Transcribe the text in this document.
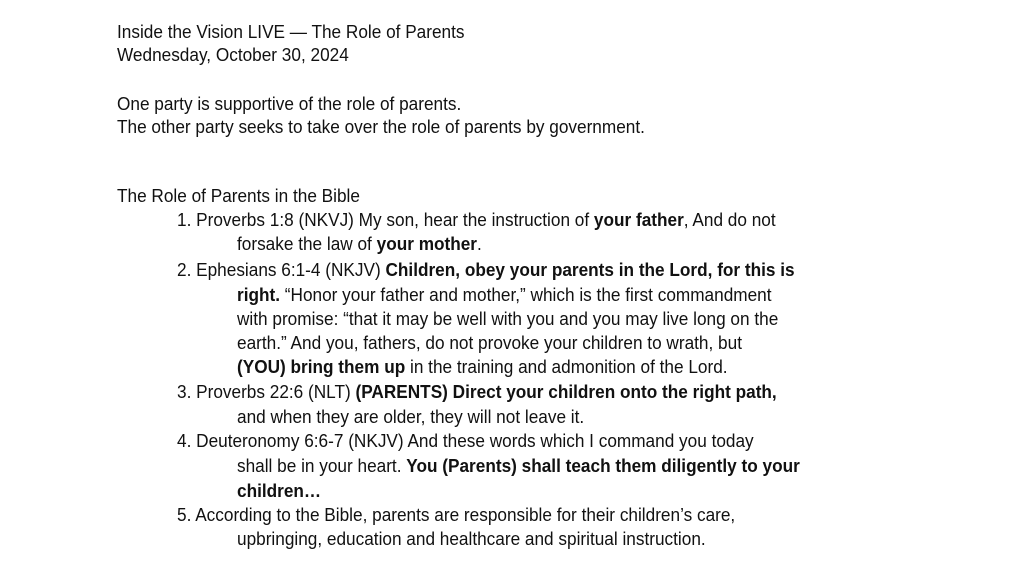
Inside the Vision LIVE — The Role of Parents
Wednesday, October 30, 2024
One party is supportive of the role of parents.
The other party seeks to take over the role of parents by government.
The Role of Parents in the Bible
1. Proverbs 1:8 (NKVJ) My son, hear the instruction of your father, And do not
forsake the law of your mother.
2. Ephesians 6:1-4 (NKJV) Children, obey your parents in the Lord, for this is
right. “Honor your father and mother,” which is the first commandment
with promise: “that it may be well with you and you may live long on the
earth.” And you, fathers, do not provoke your children to wrath, but
(YOU) bring them up in the training and admonition of the Lord.
3. Proverbs 22:6 (NLT) (PARENTS) Direct your children onto the right path,
and when they are older, they will not leave it.
4. Deuteronomy 6:6-7 (NKJV) And these words which I command you today
shall be in your heart. You (Parents) shall teach them diligently to your
children…
5. According to the Bible, parents are responsible for their children’s care,
upbringing, education and healthcare and spiritual instruction.
